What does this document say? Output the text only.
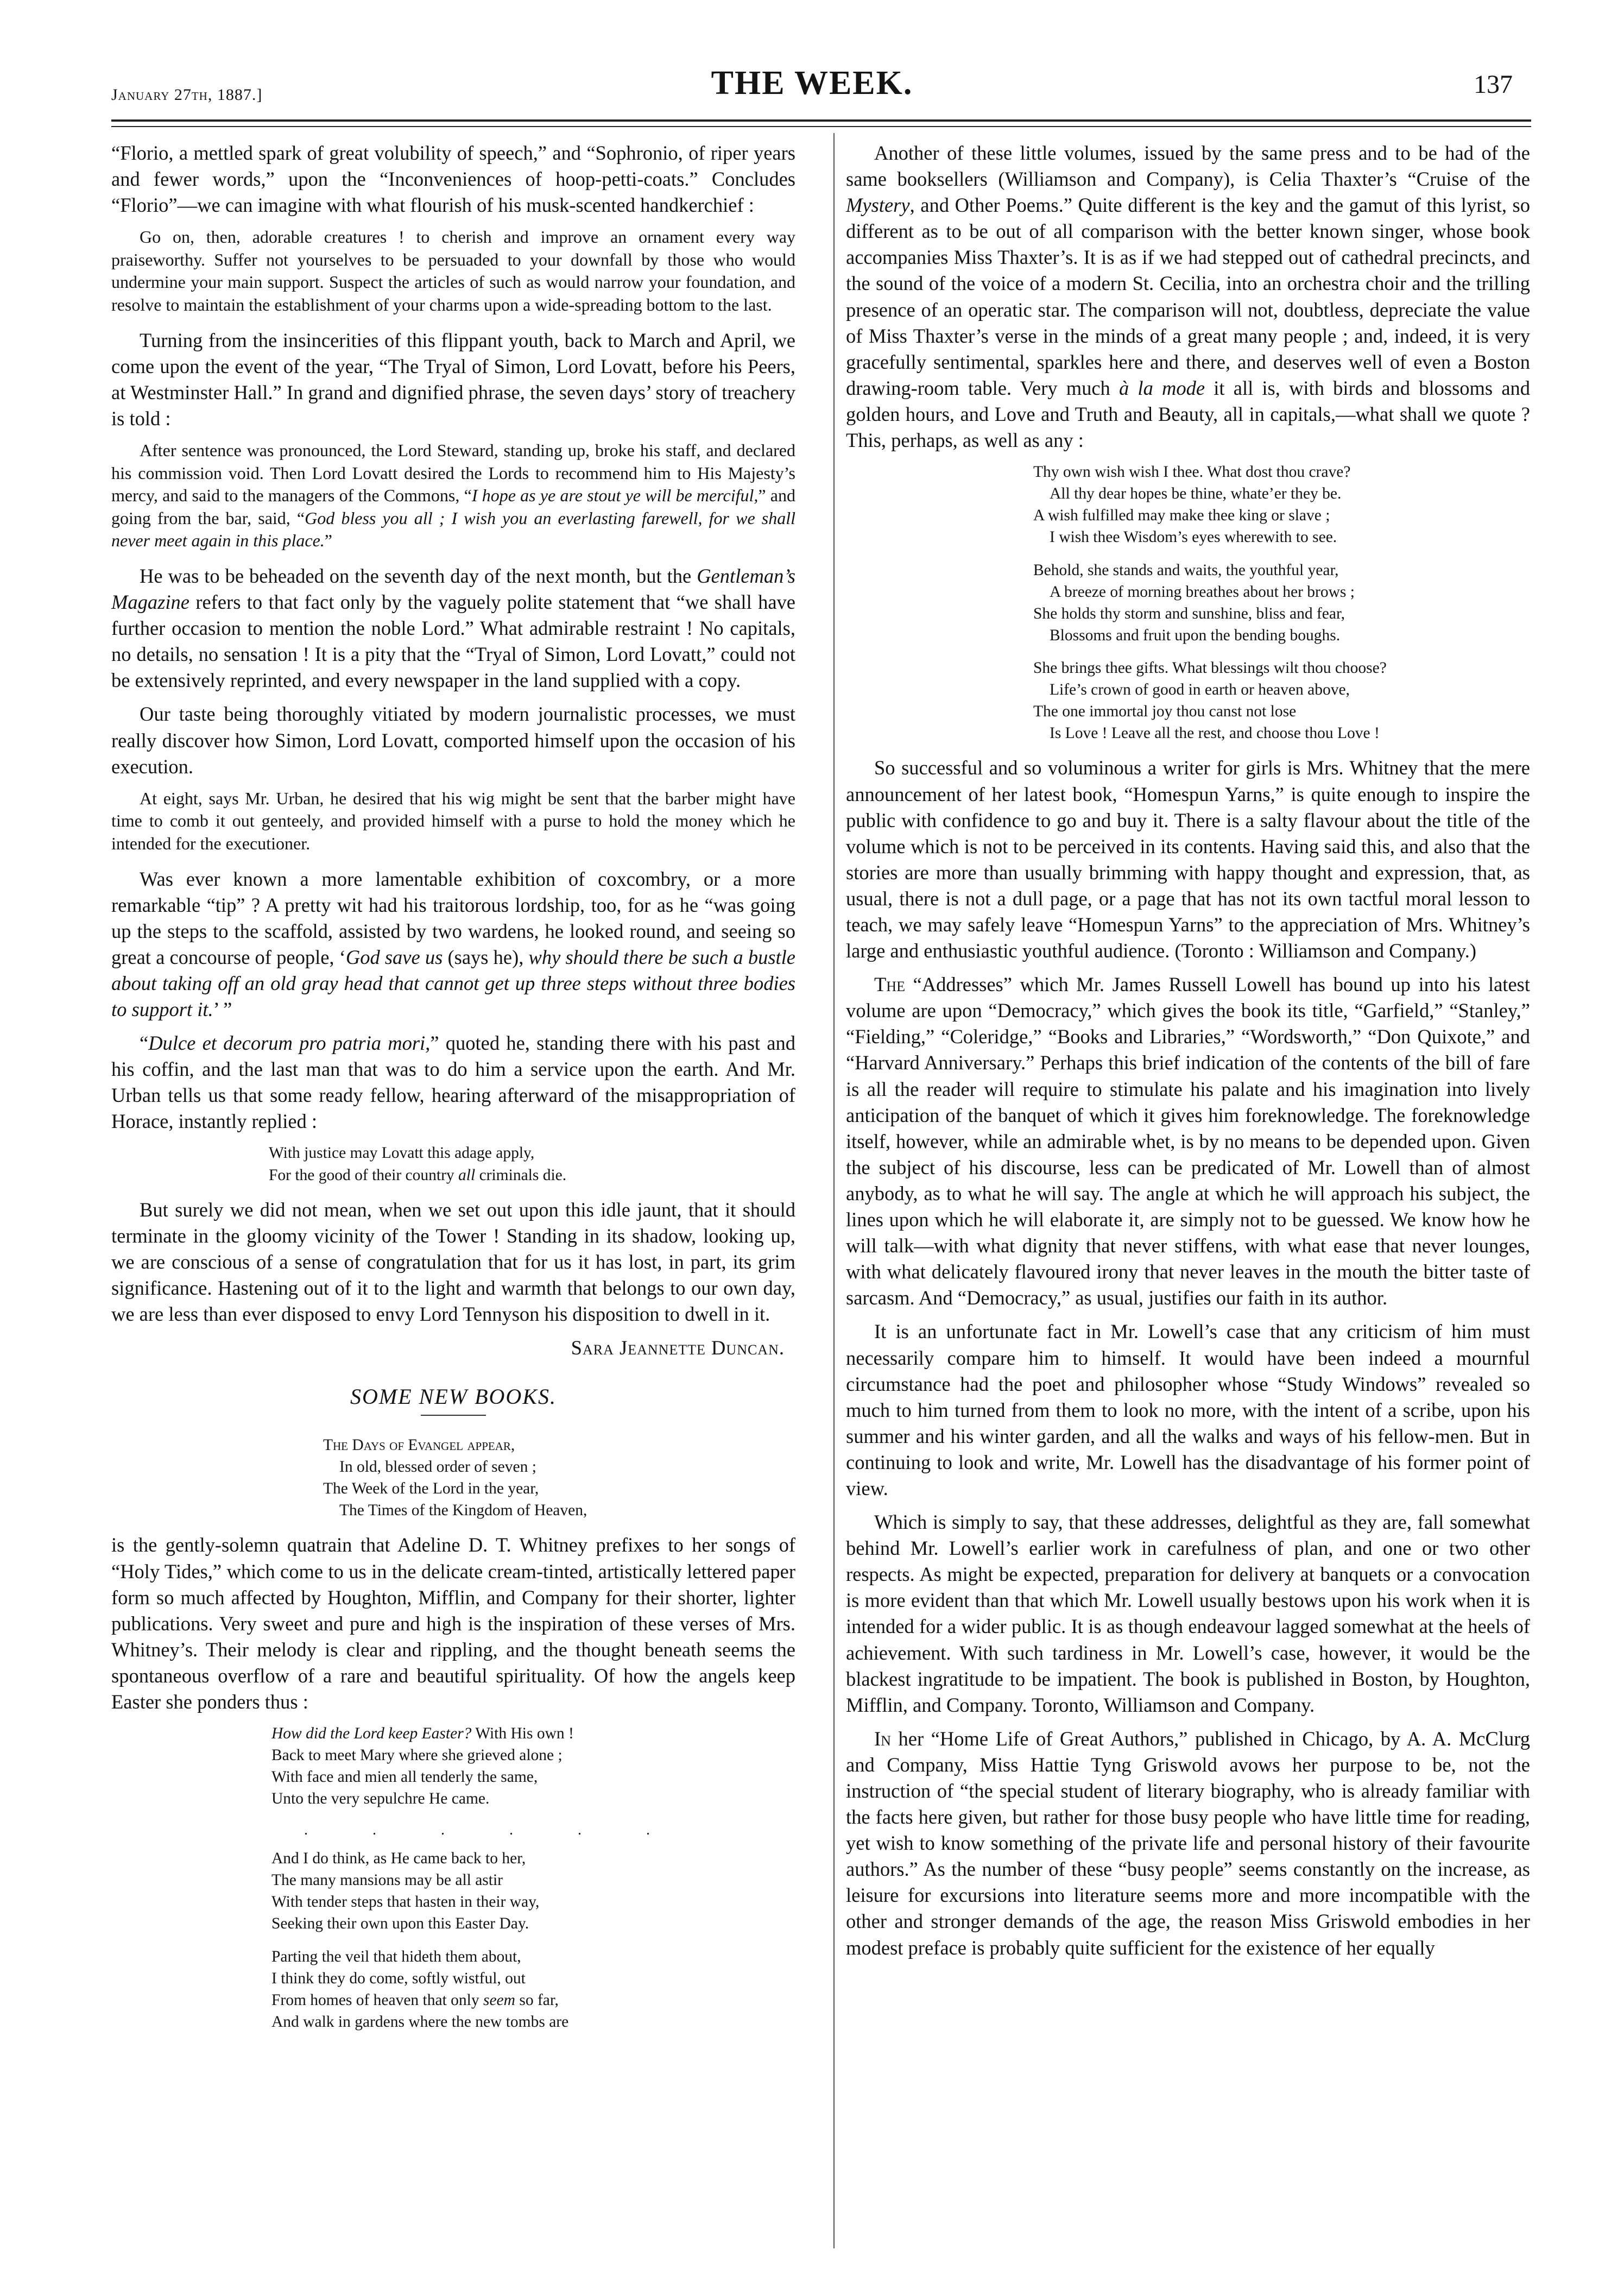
January 27th, 1887.]	THE WEEK.	137

“Florio, a mettled spark of great volubility of speech,” and “Sophronio, of riper years and fewer words,” upon the “Inconveniences of hoop-petti-coats.” Concludes “Florio”—we can imagine with what flourish of his musk-scented handkerchief :

Go on, then, adorable creatures ! to cherish and improve an ornament every way praiseworthy. Suffer not yourselves to be persuaded to your downfall by those who would undermine your main support. Suspect the articles of such as would narrow your foundation, and resolve to maintain the establishment of your charms upon a wide-spreading bottom to the last.

Turning from the insincerities of this flippant youth, back to March and April, we come upon the event of the year, “The Tryal of Simon, Lord Lovatt, before his Peers, at Westminster Hall.” In grand and dignified phrase, the seven days’ story of treachery is told :

After sentence was pronounced, the Lord Steward, standing up, broke his staff, and declared his commission void. Then Lord Lovatt desired the Lords to recommend him to His Majesty’s mercy, and said to the managers of the Commons, “I hope as ye are stout ye will be merciful,” and going from the bar, said, “God bless you all ; I wish you an everlasting farewell, for we shall never meet again in this place.”

He was to be beheaded on the seventh day of the next month, but the Gentleman’s Magazine refers to that fact only by the vaguely polite statement that “we shall have further occasion to mention the noble Lord.” What admirable restraint ! No capitals, no details, no sensation ! It is a pity that the “Tryal of Simon, Lord Lovatt,” could not be extensively reprinted, and every newspaper in the land supplied with a copy.

Our taste being thoroughly vitiated by modern journalistic processes, we must really discover how Simon, Lord Lovatt, comported himself upon the occasion of his execution.

At eight, says Mr. Urban, he desired that his wig might be sent that the barber might have time to comb it out genteely, and provided himself with a purse to hold the money which he intended for the executioner.

Was ever known a more lamentable exhibition of coxcombry, or a more remarkable “tip” ? A pretty wit had his traitorous lordship, too, for as he “was going up the steps to the scaffold, assisted by two wardens, he looked round, and seeing so great a concourse of people, ‘God save us (says he), why should there be such a bustle about taking off an old gray head that cannot get up three steps without three bodies to support it.’ ”

“Dulce et decorum pro patria mori,” quoted he, standing there with his past and his coffin, and the last man that was to do him a service upon the earth. And Mr. Urban tells us that some ready fellow, hearing afterward of the misappropriation of Horace, instantly replied :

With justice may Lovatt this adage apply,
For the good of their country all criminals die.

But surely we did not mean, when we set out upon this idle jaunt, that it should terminate in the gloomy vicinity of the Tower ! Standing in its shadow, looking up, we are conscious of a sense of congratulation that for us it has lost, in part, its grim significance. Hastening out of it to the light and warmth that belongs to our own day, we are less than ever disposed to envy Lord Tennyson his disposition to dwell in it.

Sara Jeannette Duncan.
SOME NEW BOOKS.
The Days of Evangel appear,
In old, blessed order of seven ;
The Week of the Lord in the year,
The Times of the Kingdom of Heaven,

is the gently-solemn quatrain that Adeline D. T. Whitney prefixes to her songs of “Holy Tides,” which come to us in the delicate cream-tinted, artistically lettered paper form so much affected by Houghton, Mifflin, and Company for their shorter, lighter publications. Very sweet and pure and high is the inspiration of these verses of Mrs. Whitney’s. Their melody is clear and rippling, and the thought beneath seems the spontaneous overflow of a rare and beautiful spirituality. Of how the angels keep Easter she ponders thus :

How did the Lord keep Easter? With His own !
Back to meet Mary where she grieved alone ;
With face and mien all tenderly the same,
Unto the very sepulchre He came.
. . . . . .
And I do think, as He came back to her,
The many mansions may be all astir
With tender steps that hasten in their way,
Seeking their own upon this Easter Day.
Parting the veil that hideth them about,
I think they do come, softly wistful, out
From homes of heaven that only seem so far,
And walk in gardens where the new tombs are

Another of these little volumes, issued by the same press and to be had of the same booksellers (Williamson and Company), is Celia Thaxter’s “Cruise of the Mystery, and Other Poems.” Quite different is the key and the gamut of this lyrist, so different as to be out of all comparison with the better known singer, whose book accompanies Miss Thaxter’s. It is as if we had stepped out of cathedral precincts, and the sound of the voice of a modern St. Cecilia, into an orchestra choir and the trilling presence of an operatic star. The comparison will not, doubtless, depreciate the value of Miss Thaxter’s verse in the minds of a great many people ; and, indeed, it is very gracefully sentimental, sparkles here and there, and deserves well of even a Boston drawing-room table. Very much à la mode it all is, with birds and blossoms and golden hours, and Love and Truth and Beauty, all in capitals,—what shall we quote ? This, perhaps, as well as any :

Thy own wish wish I thee. What dost thou crave?
All thy dear hopes be thine, whate’er they be.
A wish fulfilled may make thee king or slave ;
I wish thee Wisdom’s eyes wherewith to see.
Behold, she stands and waits, the youthful year,
A breeze of morning breathes about her brows ;
She holds thy storm and sunshine, bliss and fear,
Blossoms and fruit upon the bending boughs.
She brings thee gifts. What blessings wilt thou choose?
Life’s crown of good in earth or heaven above,
The one immortal joy thou canst not lose
Is Love ! Leave all the rest, and choose thou Love !

So successful and so voluminous a writer for girls is Mrs. Whitney that the mere announcement of her latest book, “Homespun Yarns,” is quite enough to inspire the public with confidence to go and buy it. There is a salty flavour about the title of the volume which is not to be perceived in its contents. Having said this, and also that the stories are more than usually brimming with happy thought and expression, that, as usual, there is not a dull page, or a page that has not its own tactful moral lesson to teach, we may safely leave “Homespun Yarns” to the appreciation of Mrs. Whitney’s large and enthusiastic youthful audience. (Toronto : Williamson and Company.)

The “Addresses” which Mr. James Russell Lowell has bound up into his latest volume are upon “Democracy,” which gives the book its title, “Garfield,” “Stanley,” “Fielding,” “Coleridge,” “Books and Libraries,” “Wordsworth,” “Don Quixote,” and “Harvard Anniversary.” Perhaps this brief indication of the contents of the bill of fare is all the reader will require to stimulate his palate and his imagination into lively anticipation of the banquet of which it gives him foreknowledge. The foreknowledge itself, however, while an admirable whet, is by no means to be depended upon. Given the subject of his discourse, less can be predicated of Mr. Lowell than of almost anybody, as to what he will say. The angle at which he will approach his subject, the lines upon which he will elaborate it, are simply not to be guessed. We know how he will talk—with what dignity that never stiffens, with what ease that never lounges, with what delicately flavoured irony that never leaves in the mouth the bitter taste of sarcasm. And “Democracy,” as usual, justifies our faith in its author.

It is an unfortunate fact in Mr. Lowell’s case that any criticism of him must necessarily compare him to himself. It would have been indeed a mournful circumstance had the poet and philosopher whose “Study Windows” revealed so much to him turned from them to look no more, with the intent of a scribe, upon his summer and his winter garden, and all the walks and ways of his fellow-men. But in continuing to look and write, Mr. Lowell has the disadvantage of his former point of view.

Which is simply to say, that these addresses, delightful as they are, fall somewhat behind Mr. Lowell’s earlier work in carefulness of plan, and one or two other respects. As might be expected, preparation for delivery at banquets or a convocation is more evident than that which Mr. Lowell usually bestows upon his work when it is intended for a wider public. It is as though endeavour lagged somewhat at the heels of achievement. With such tardiness in Mr. Lowell’s case, however, it would be the blackest ingratitude to be impatient. The book is published in Boston, by Houghton, Mifflin, and Company. Toronto, Williamson and Company.

In her “Home Life of Great Authors,” published in Chicago, by A. A. McClurg and Company, Miss Hattie Tyng Griswold avows her purpose to be, not the instruction of “the special student of literary biography, who is already familiar with the facts here given, but rather for those busy people who have little time for reading, yet wish to know something of the private life and personal history of their favourite authors.” As the number of these “busy people” seems constantly on the increase, as leisure for excursions into literature seems more and more incompatible with the other and stronger demands of the age, the reason Miss Griswold embodies in her modest preface is probably quite sufficient for the existence of her equally
